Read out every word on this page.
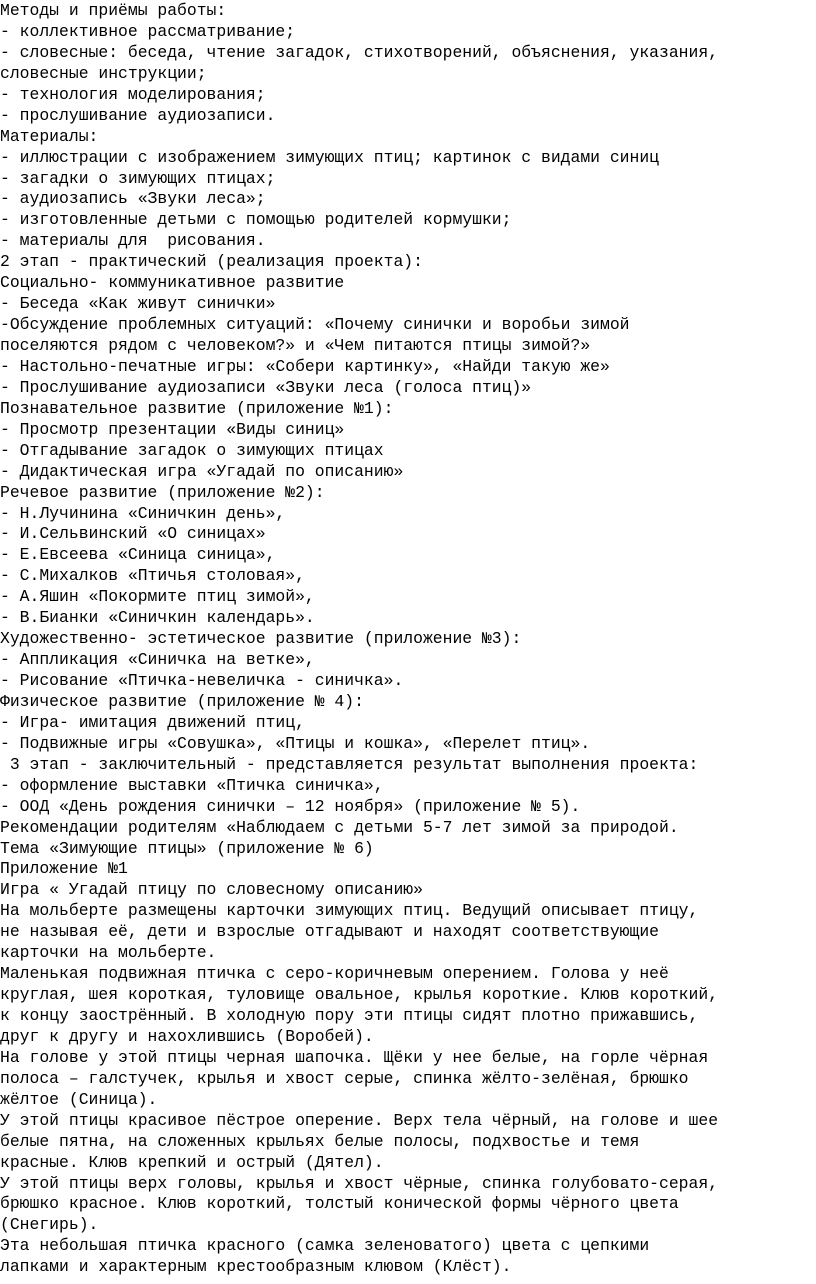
Методы и приёмы работы:
- коллективное рассматривание;
- словесные: беседа, чтение загадок, стихотворений, объяснения, указания,
словесные инструкции;
- технология моделирования;
- прослушивание аудиозаписи.
Материалы:
- иллюстрации с изображением зимующих птиц; картинок с видами синиц
- загадки о зимующих птицах;
- аудиозапись «Звуки леса»;
- изготовленные детьми с помощью родителей кормушки;
- материалы для  рисования.
2 этап - практический (реализация проекта):
Социально- коммуникативное развитие
- Беседа «Как живут синички»
-Обсуждение проблемных ситуаций: «Почему синички и воробьи зимой
поселяются рядом с человеком?» и «Чем питаются птицы зимой?»
- Настольно-печатные игры: «Собери картинку», «Найди такую же»
- Прослушивание аудиозаписи «Звуки леса (голоса птиц)»
Познавательное развитие (приложение №1):
- Просмотр презентации «Виды синиц»
- Отгадывание загадок о зимующих птицах
- Дидактическая игра «Угадай по описанию»
Речевое развитие (приложение №2):
- Н.Лучинина «Синичкин день»,
- И.Сельвинский «О синицах»
- Е.Евсеева «Синица синица»,
- С.Михалков «Птичья столовая»,
- А.Яшин «Покормите птиц зимой»,
- В.Бианки «Синичкин календарь».
Художественно- эстетическое развитие (приложение №3):
- Аппликация «Синичка на ветке»,
- Рисование «Птичка-невеличка - синичка».
Физическое развитие (приложение № 4):
- Игра- имитация движений птиц,
- Подвижные игры «Совушка», «Птицы и кошка», «Перелет птиц».
3 этап - заключительный - представляется результат выполнения проекта:
- оформление выставки «Птичка синичка»,
- ООД «День рождения синички – 12 ноября» (приложение № 5).
Рекомендации родителям «Наблюдаем с детьми 5-7 лет зимой за природой.
Тема «Зимующие птицы» (приложение № 6)
Приложение №1
Игра « Угадай птицу по словесному описанию»
На мольберте размещены карточки зимующих птиц. Ведущий описывает птицу,
не называя её, дети и взрослые отгадывают и находят соответствующие
карточки на мольберте.
Маленькая подвижная птичка с серо-коричневым оперением. Голова у неё
круглая, шея короткая, туловище овальное, крылья короткие. Клюв короткий,
к концу заострённый. В холодную пору эти птицы сидят плотно прижавшись,
друг к другу и нахохлившись (Воробей).
На голове у этой птицы черная шапочка. Щёки у нее белые, на горле чёрная
полоса – галстучек, крылья и хвост серые, спинка жёлто-зелёная, брюшко
жёлтое (Синица).
У этой птицы красивое пёстрое оперение. Верх тела чёрный, на голове и шее
белые пятна, на сложенных крыльях белые полосы, подхвостье и темя
красные. Клюв крепкий и острый (Дятел).
У этой птицы верх головы, крылья и хвост чёрные, спинка голубовато-серая,
брюшко красное. Клюв короткий, толстый конической формы чёрного цвета
(Снегирь).
Эта небольшая птичка красного (самка зеленоватого) цвета с цепкими
лапками и характерным крестообразным клювом (Клёст).
